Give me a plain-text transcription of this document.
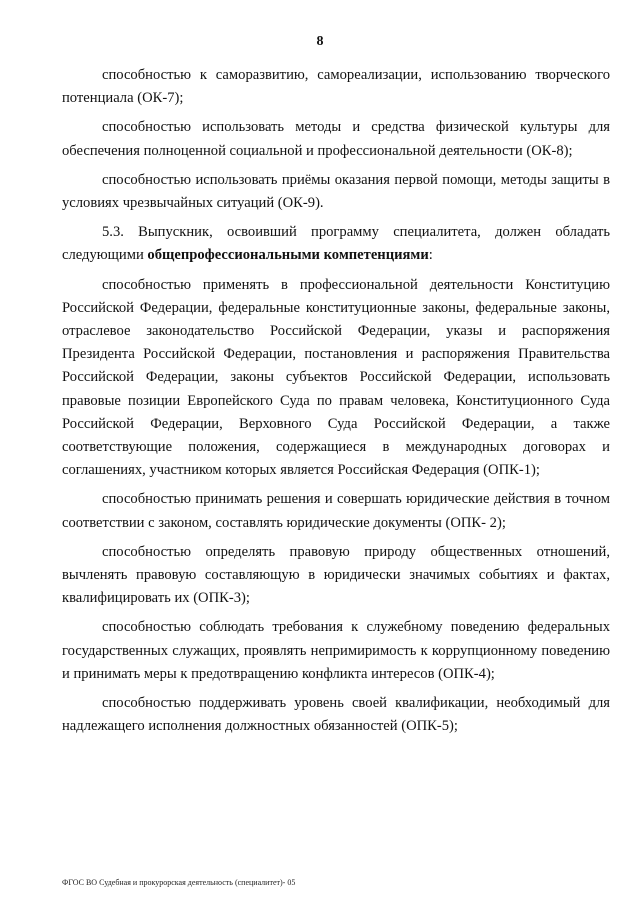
8

способностью к саморазвитию, самореализации, использованию творческого потенциала (ОК-7);

способностью использовать методы и средства физической культуры для обеспечения полноценной социальной и профессиональной деятельности (ОК-8);

способностью использовать приёмы оказания первой помощи, методы защиты в условиях чрезвычайных ситуаций (ОК-9).

5.3. Выпускник, освоивший программу специалитета, должен обладать следующими общепрофессиональными компетенциями:

способностью применять в профессиональной деятельности Конституцию Российской Федерации, федеральные конституционные законы, федеральные законы, отраслевое законодательство Российской Федерации, указы и распоряжения Президента Российской Федерации, постановления и распоряжения Правительства Российской Федерации, законы субъектов Российской Федерации, использовать правовые позиции Европейского Суда по правам человека, Конституционного Суда Российской Федерации, Верховного Суда Российской Федерации, а также соответствующие положения, содержащиеся в международных договорах и соглашениях, участником которых является Российская Федерация (ОПК-1);

способностью принимать решения и совершать юридические действия в точном соответствии с законом, составлять юридические документы (ОПК- 2);

способностью определять правовую природу общественных отношений, вычленять правовую составляющую в юридически значимых событиях и фактах, квалифицировать их (ОПК-3);

способностью соблюдать требования к служебному поведению федеральных государственных служащих, проявлять непримиримость к коррупционному поведению и принимать меры к предотвращению конфликта интересов (ОПК-4);

способностью поддерживать уровень своей квалификации, необходимый для надлежащего исполнения должностных обязанностей (ОПК-5);

ФГОС ВО Судебная и прокурорская деятельность (специалитет)- 05
